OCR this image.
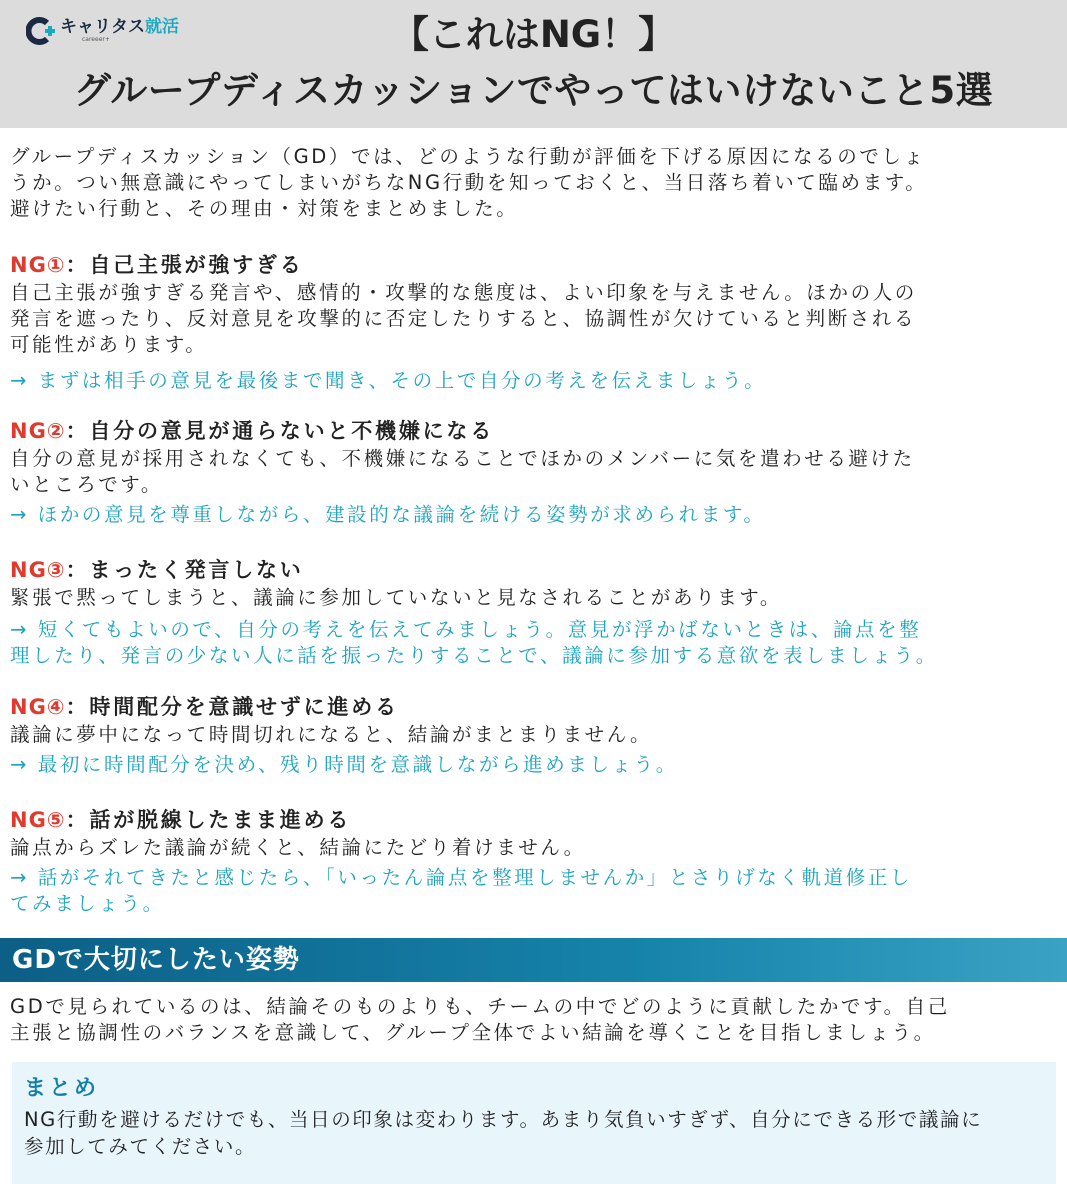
キャリタス就活
careeer+	【これはNG！】
グループディスカッションでやってはいけないこと5選
グループディスカッション（GD）では、どのような行動が評価を下げる原因になるのでしょ
うか。つい無意識にやってしまいがちなNG行動を知っておくと、当日落ち着いて臨めます。
避けたい行動と、その理由・対策をまとめました。
NG①：自己主張が強すぎる
自己主張が強すぎる発言や、感情的・攻撃的な態度は、よい印象を与えません。ほかの人の
発言を遮ったり、反対意見を攻撃的に否定したりすると、協調性が欠けていると判断される
可能性があります。
→ まずは相手の意見を最後まで聞き、その上で自分の考えを伝えましょう。
NG②：自分の意見が通らないと不機嫌になる
自分の意見が採用されなくても、不機嫌になることでほかのメンバーに気を遣わせる避けた
いところです。
→ ほかの意見を尊重しながら、建設的な議論を続ける姿勢が求められます。
NG③：まったく発言しない
緊張で黙ってしまうと、議論に参加していないと見なされることがあります。
→ 短くてもよいので、自分の考えを伝えてみましょう。意見が浮かばないときは、論点を整
理したり、発言の少ない人に話を振ったりすることで、議論に参加する意欲を表しましょう。
NG④：時間配分を意識せずに進める
議論に夢中になって時間切れになると、結論がまとまりません。
→ 最初に時間配分を決め、残り時間を意識しながら進めましょう。
NG⑤：話が脱線したまま進める
論点からズレた議論が続くと、結論にたどり着けません。
→ 話がそれてきたと感じたら、「いったん論点を整理しませんか」とさりげなく軌道修正し
てみましょう。
GDで大切にしたい姿勢
GDで見られているのは、結論そのものよりも、チームの中でどのように貢献したかです。自己
主張と協調性のバランスを意識して、グループ全体でよい結論を導くことを目指しましょう。
まとめ
NG行動を避けるだけでも、当日の印象は変わります。あまり気負いすぎず、自分にできる形で議論に
参加してみてください。
